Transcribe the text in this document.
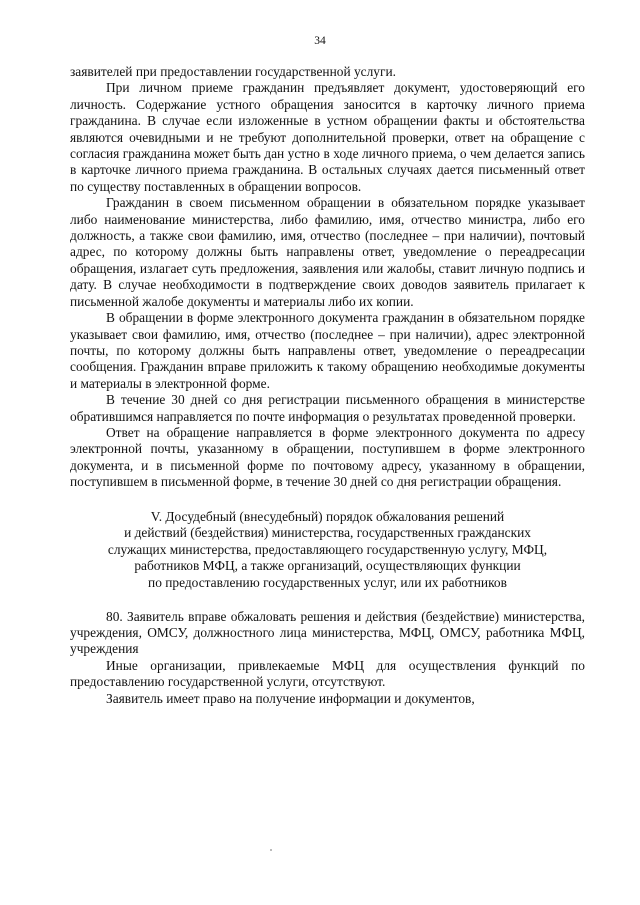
34

заявителей при предоставлении государственной услуги.

При личном приеме гражданин предъявляет документ, удостоверяющий его личность. Содержание устного обращения заносится в карточку личного приема гражданина. В случае если изложенные в устном обращении факты и обстоятельства являются очевидными и не требуют дополнительной проверки, ответ на обращение с согласия гражданина может быть дан устно в ходе личного приема, о чем делается запись в карточке личного приема гражданина. В остальных случаях дается письменный ответ по существу поставленных в обращении вопросов.

Гражданин в своем письменном обращении в обязательном порядке указывает либо наименование министерства, либо фамилию, имя, отчество министра, либо его должность, а также свои фамилию, имя, отчество (последнее – при наличии), почтовый адрес, по которому должны быть направлены ответ, уведомление о переадресации обращения, излагает суть предложения, заявления или жалобы, ставит личную подпись и дату. В случае необходимости в подтверждение своих доводов заявитель прилагает к письменной жалобе документы и материалы либо их копии.

В обращении в форме электронного документа гражданин в обязательном порядке указывает свои фамилию, имя, отчество (последнее – при наличии), адрес электронной почты, по которому должны быть направлены ответ, уведомление о переадресации сообщения. Гражданин вправе приложить к такому обращению необходимые документы и материалы в электронной форме.

В течение 30 дней со дня регистрации письменного обращения в министерстве обратившимся направляется по почте информация о результатах проведенной проверки.

Ответ на обращение направляется в форме электронного документа по адресу электронной почты, указанному в обращении, поступившем в форме электронного документа, и в письменной форме по почтовому адресу, указанному в обращении, поступившем в письменной форме, в течение 30 дней со дня регистрации обращения.

V. Досудебный (внесудебный) порядок обжалования решений
и действий (бездействия) министерства, государственных гражданских
служащих министерства, предоставляющего государственную услугу, МФЦ,
работников МФЦ, а также организаций, осуществляющих функции
по предоставлению государственных услуг, или их работников

80. Заявитель вправе обжаловать решения и действия (бездействие) министерства, учреждения, ОМСУ, должностного лица министерства, МФЦ, ОМСУ, работника МФЦ, учреждения

Иные организации, привлекаемые МФЦ для осуществления функций по предоставлению государственной услуги, отсутствуют.

Заявитель имеет право на получение информации и документов,
